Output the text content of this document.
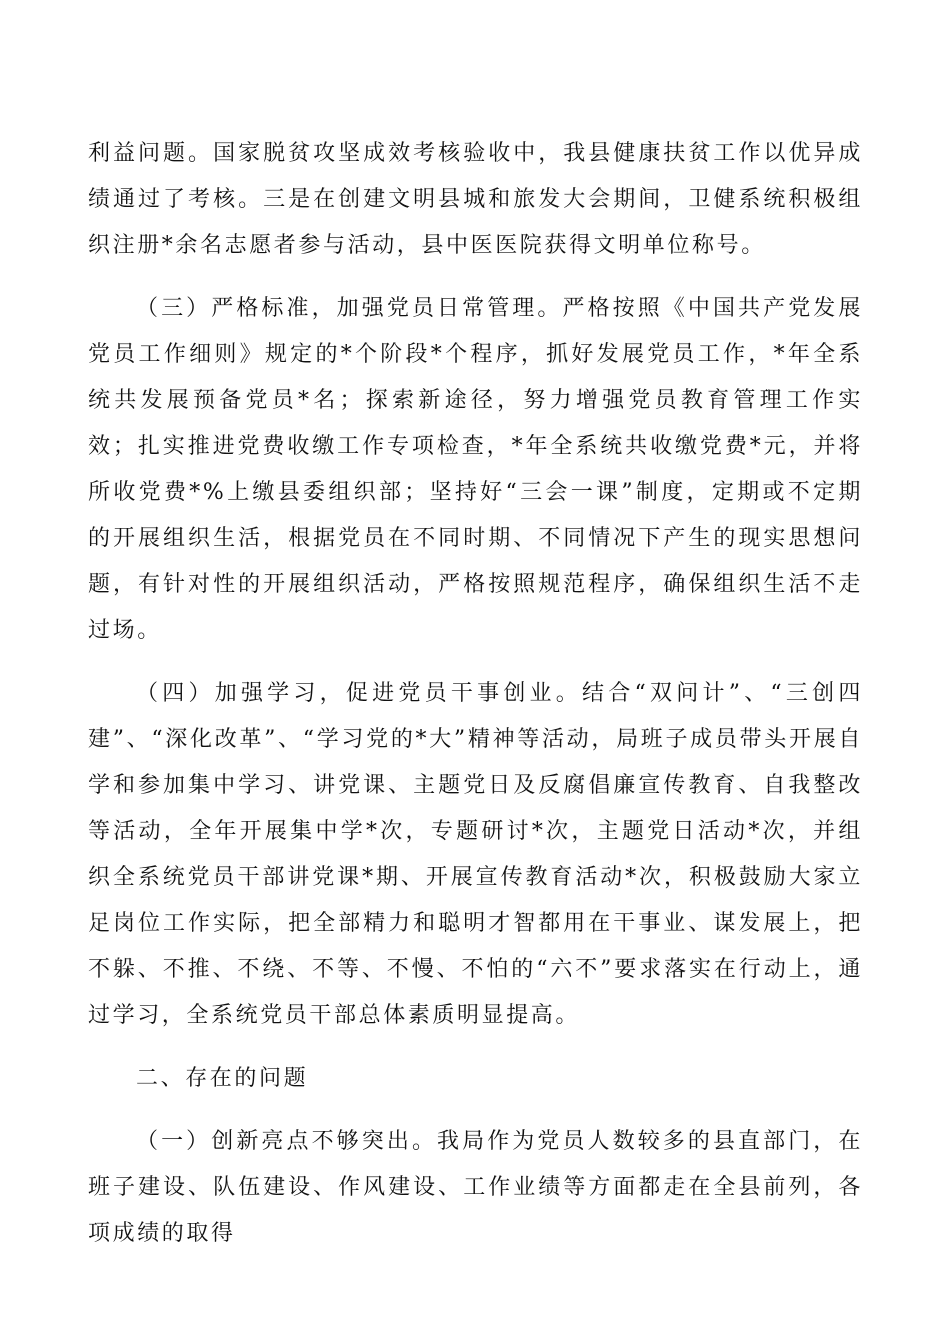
利益问题。国家脱贫攻坚成效考核验收中，我县健康扶贫工作以优异成绩通过了考核。三是在创建文明县城和旅发大会期间，卫健系统积极组织注册*余名志愿者参与活动，县中医医院获得文明单位称号。

（三）严格标准，加强党员日常管理。严格按照《中国共产党发展党员工作细则》规定的*个阶段*个程序，抓好发展党员工作，*年全系统共发展预备党员*名；探索新途径，努力增强党员教育管理工作实效；扎实推进党费收缴工作专项检查，*年全系统共收缴党费*元，并将所收党费*%上缴县委组织部；坚持好“三会一课”制度，定期或不定期的开展组织生活，根据党员在不同时期、不同情况下产生的现实思想问题，有针对性的开展组织活动，严格按照规范程序，确保组织生活不走过场。

（四）加强学习，促进党员干事创业。结合“双问计”、“三创四建”、“深化改革”、“学习党的*大”精神等活动，局班子成员带头开展自学和参加集中学习、讲党课、主题党日及反腐倡廉宣传教育、自我整改等活动，全年开展集中学*次，专题研讨*次，主题党日活动*次，并组织全系统党员干部讲党课*期、开展宣传教育活动*次，积极鼓励大家立足岗位工作实际，把全部精力和聪明才智都用在干事业、谋发展上，把不躲、不推、不绕、不等、不慢、不怕的“六不”要求落实在行动上，通过学习，全系统党员干部总体素质明显提高。

二、存在的问题

（一）创新亮点不够突出。我局作为党员人数较多的县直部门，在班子建设、队伍建设、作风建设、工作业绩等方面都走在全县前列，各项成绩的取得
